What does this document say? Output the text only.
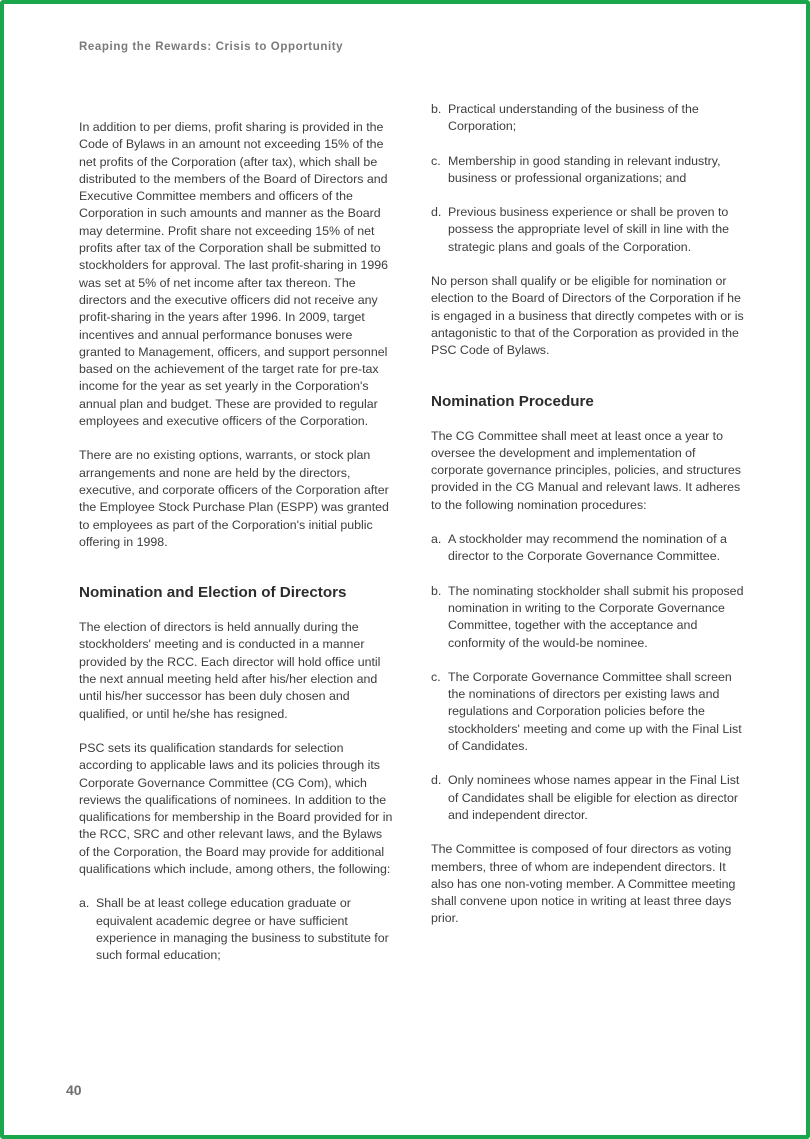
Reaping the Rewards: Crisis to Opportunity

In addition to per diems, profit sharing is provided in the Code of Bylaws in an amount not exceeding 15% of the net profits of the Corporation (after tax), which shall be distributed to the members of the Board of Directors and Executive Committee members and officers of the Corporation in such amounts and manner as the Board may determine. Profit share not exceeding 15% of net profits after tax of the Corporation shall be submitted to stockholders for approval. The last profit-sharing in 1996 was set at 5% of net income after tax thereon. The directors and the executive officers did not receive any profit-sharing in the years after 1996. In 2009, target incentives and annual performance bonuses were granted to Management, officers, and support personnel based on the achievement of the target rate for pre-tax income for the year as set yearly in the Corporation's annual plan and budget. These are provided to regular employees and executive officers of the Corporation.

There are no existing options, warrants, or stock plan arrangements and none are held by the directors, executive, and corporate officers of the Corporation after the Employee Stock Purchase Plan (ESPP) was granted to employees as part of the Corporation's initial public offering in 1998.

Nomination and Election of Directors

The election of directors is held annually during the stockholders' meeting and is conducted in a manner provided by the RCC. Each director will hold office until the next annual meeting held after his/her election and until his/her successor has been duly chosen and qualified, or until he/she has resigned.

PSC sets its qualification standards for selection according to applicable laws and its policies through its Corporate Governance Committee (CG Com), which reviews the qualifications of nominees. In addition to the qualifications for membership in the Board provided for in the RCC, SRC and other relevant laws, and the Bylaws of the Corporation, the Board may provide for additional qualifications which include, among others, the following:

a. Shall be at least college education graduate or equivalent academic degree or have sufficient experience in managing the business to substitute for such formal education;
b. Practical understanding of the business of the Corporation;
c. Membership in good standing in relevant industry, business or professional organizations; and
d. Previous business experience or shall be proven to possess the appropriate level of skill in line with the strategic plans and goals of the Corporation.

No person shall qualify or be eligible for nomination or election to the Board of Directors of the Corporation if he is engaged in a business that directly competes with or is antagonistic to that of the Corporation as provided in the PSC Code of Bylaws.

Nomination Procedure

The CG Committee shall meet at least once a year to oversee the development and implementation of corporate governance principles, policies, and structures provided in the CG Manual and relevant laws. It adheres to the following nomination procedures:

a. A stockholder may recommend the nomination of a director to the Corporate Governance Committee.
b. The nominating stockholder shall submit his proposed nomination in writing to the Corporate Governance Committee, together with the acceptance and conformity of the would-be nominee.
c. The Corporate Governance Committee shall screen the nominations of directors per existing laws and regulations and Corporation policies before the stockholders' meeting and come up with the Final List of Candidates.
d. Only nominees whose names appear in the Final List of Candidates shall be eligible for election as director and independent director.

The Committee is composed of four directors as voting members, three of whom are independent directors. It also has one non-voting member. A Committee meeting shall convene upon notice in writing at least three days prior.

40
